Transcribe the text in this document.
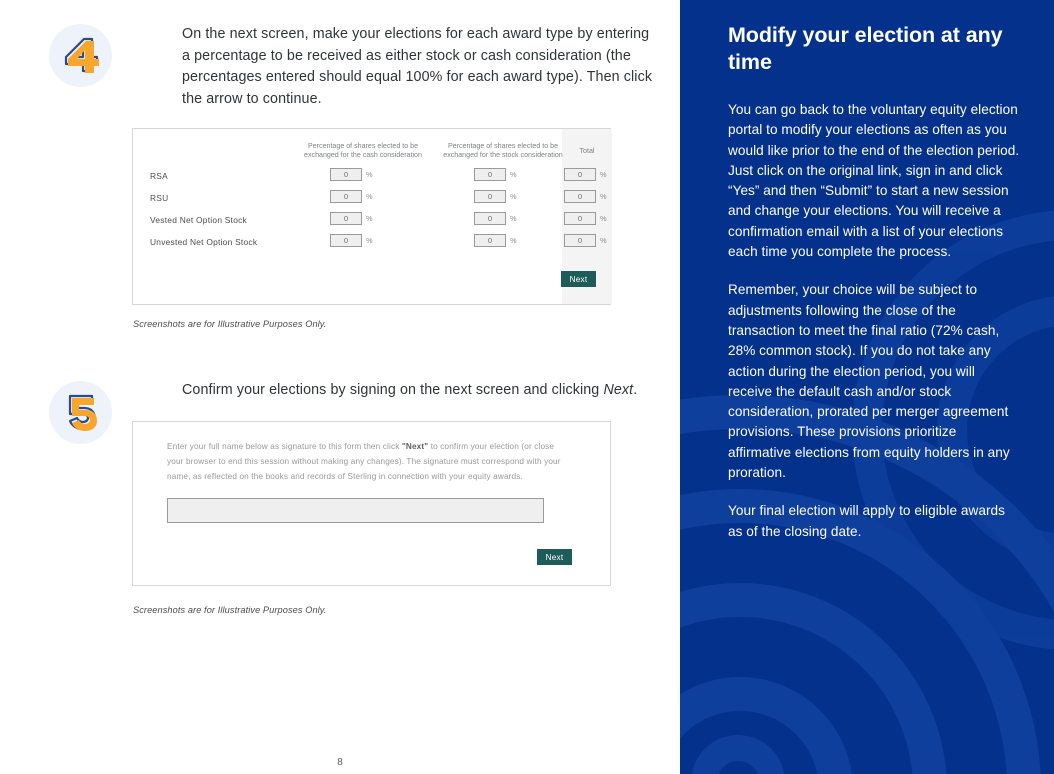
On the next screen, make your elections for each award type by entering a percentage to be received as either stock or cash consideration (the percentages entered should equal 100% for each award type). Then click the arrow to continue.
Percentage of shares elected to be exchanged for the cash consideration
Percentage of shares elected to be exchanged for the stock consideration
Total
RSA	0	%	0	%	0	%
RSU	0	%	0	%	0	%
Vested Net Option Stock	0	%	0	%	0	%
Unvested Net Option Stock	0	%	0	%	0	%
Next
Screenshots are for Illustrative Purposes Only.
Confirm your elections by signing on the next screen and clicking Next.
Enter your full name below as signature to this form then click "Next" to confirm your election (or close your browser to end this session without making any changes). The signature must correspond with your name, as reflected on the books and records of Sterling in connection with your equity awards.
Next
Screenshots are for Illustrative Purposes Only.
8
Modify your election at any time
You can go back to the voluntary equity election portal to modify your elections as often as you would like prior to the end of the election period. Just click on the original link, sign in and click “Yes” and then “Submit” to start a new session and change your elections. You will receive a confirmation email with a list of your elections each time you complete the process.
Remember, your choice will be subject to adjustments following the close of the transaction to meet the final ratio (72% cash, 28% common stock). If you do not take any action during the election period, you will receive the default cash and/or stock consideration, prorated per merger agreement provisions. These provisions prioritize affirmative elections from equity holders in any proration.
Your final election will apply to eligible awards as of the closing date.
